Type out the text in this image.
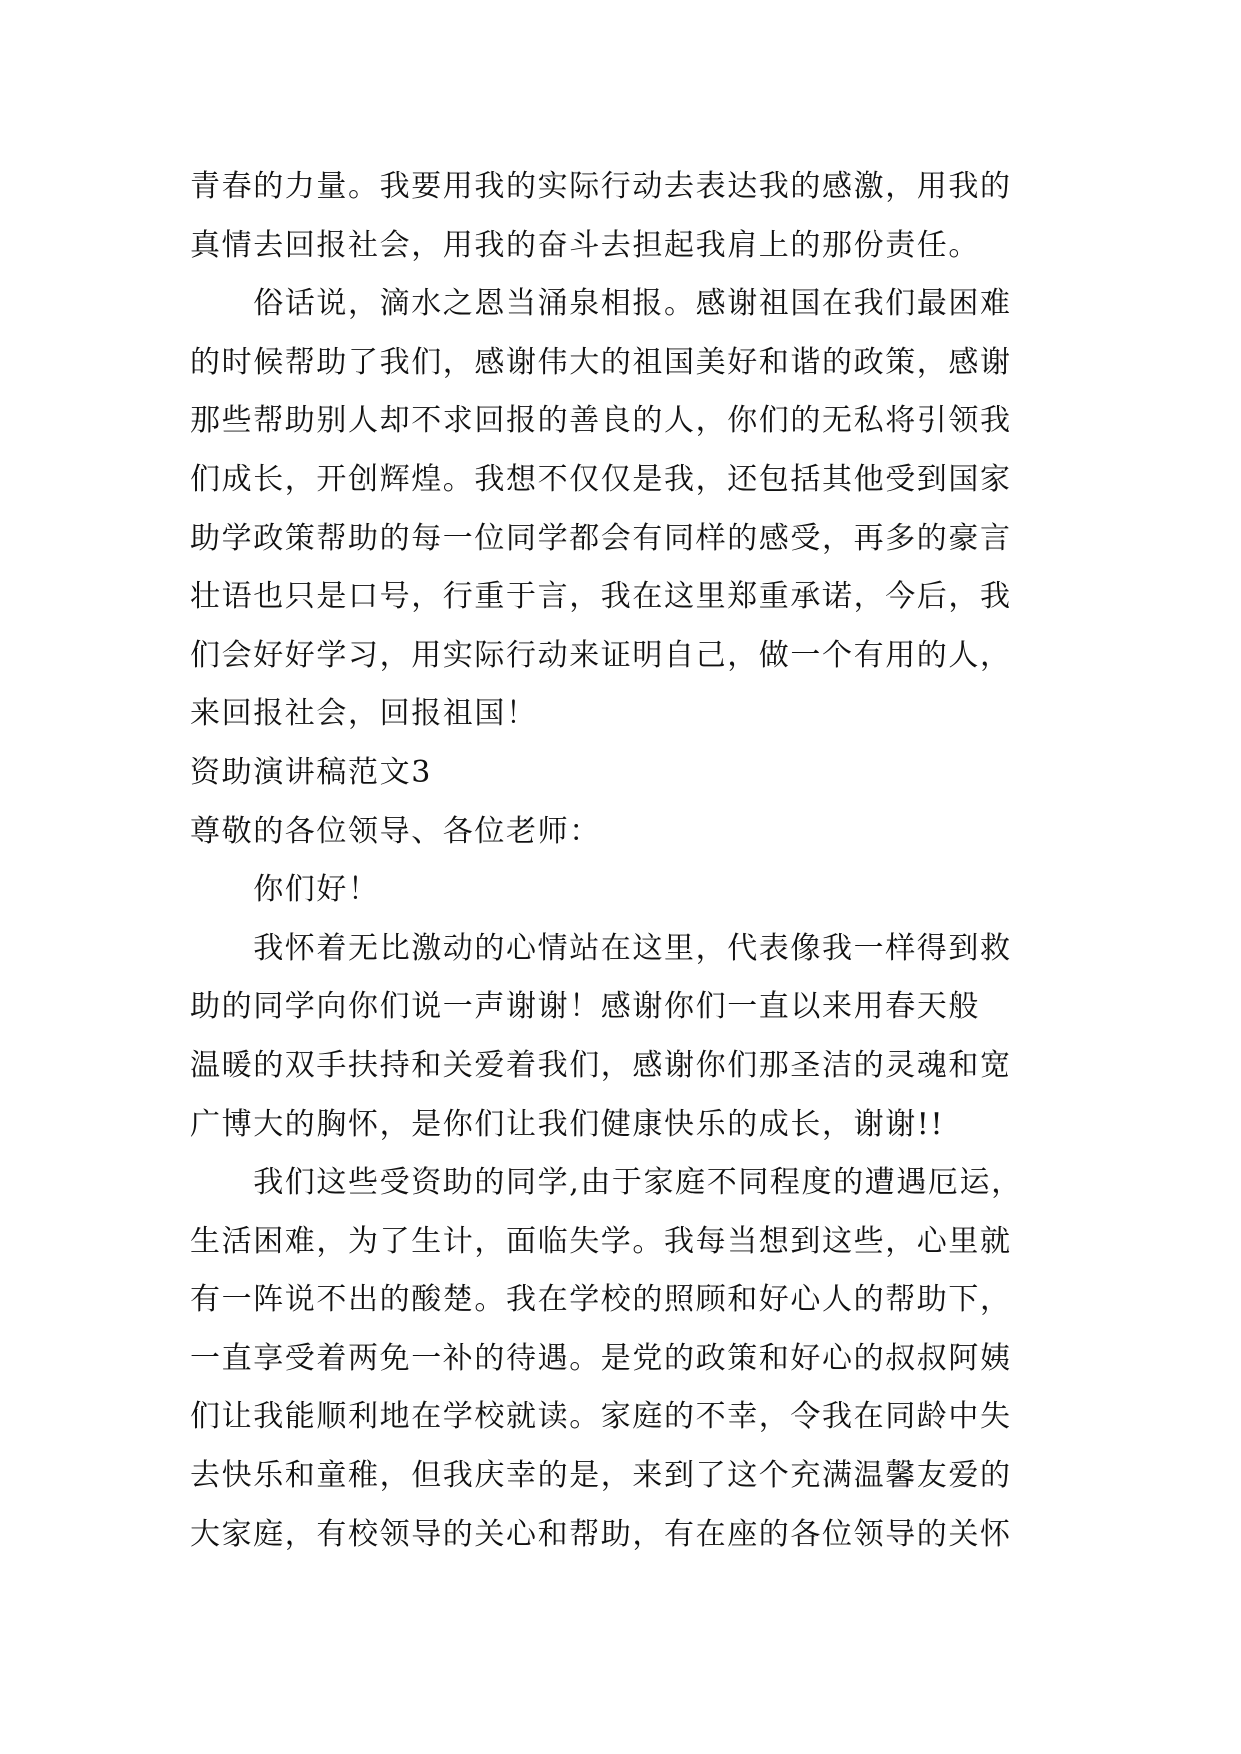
青春的力量。我要用我的实际行动去表达我的感激，用我的
真情去回报社会，用我的奋斗去担起我肩上的那份责任。
　　俗话说，滴水之恩当涌泉相报。感谢祖国在我们最困难
的时候帮助了我们，感谢伟大的祖国美好和谐的政策，感谢
那些帮助别人却不求回报的善良的人，你们的无私将引领我
们成长，开创辉煌。我想不仅仅是我，还包括其他受到国家
助学政策帮助的每一位同学都会有同样的感受，再多的豪言
壮语也只是口号，行重于言，我在这里郑重承诺，今后，我
们会好好学习，用实际行动来证明自己，做一个有用的人，
来回报社会，回报祖国！
资助演讲稿范文3
尊敬的各位领导、各位老师：
　　你们好！
　　我怀着无比激动的心情站在这里，代表像我一样得到救
助的同学向你们说一声谢谢！感谢你们一直以来用春天般
温暖的双手扶持和关爱着我们，感谢你们那圣洁的灵魂和宽
广博大的胸怀，是你们让我们健康快乐的成长，谢谢!!
　　我们这些受资助的同学,由于家庭不同程度的遭遇厄运，
生活困难，为了生计，面临失学。我每当想到这些，心里就
有一阵说不出的酸楚。我在学校的照顾和好心人的帮助下，
一直享受着两免一补的待遇。是党的政策和好心的叔叔阿姨
们让我能顺利地在学校就读。家庭的不幸，令我在同龄中失
去快乐和童稚，但我庆幸的是，来到了这个充满温馨友爱的
大家庭，有校领导的关心和帮助，有在座的各位领导的关怀
